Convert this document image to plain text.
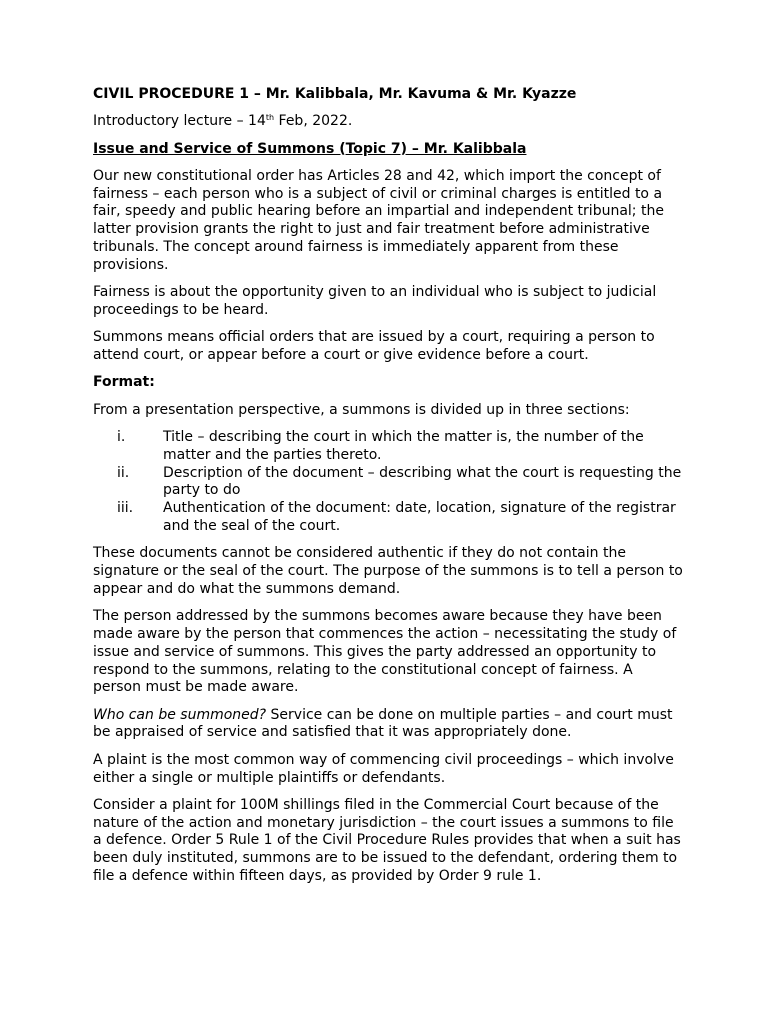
CIVIL PROCEDURE 1 – Mr. Kalibbala, Mr. Kavuma & Mr. Kyazze

Introductory lecture – 14th Feb, 2022.

Issue and Service of Summons (Topic 7) – Mr. Kalibbala

Our new constitutional order has Articles 28 and 42, which import the concept of fairness – each person who is a subject of civil or criminal charges is entitled to a fair, speedy and public hearing before an impartial and independent tribunal; the latter provision grants the right to just and fair treatment before administrative tribunals. The concept around fairness is immediately apparent from these provisions.

Fairness is about the opportunity given to an individual who is subject to judicial proceedings to be heard.

Summons means official orders that are issued by a court, requiring a person to attend court, or appear before a court or give evidence before a court.

Format:

From a presentation perspective, a summons is divided up in three sections:

i.	Title – describing the court in which the matter is, the number of the matter and the parties thereto.
ii.	Description of the document – describing what the court is requesting the party to do
iii.	Authentication of the document: date, location, signature of the registrar and the seal of the court.

These documents cannot be considered authentic if they do not contain the signature or the seal of the court. The purpose of the summons is to tell a person to appear and do what the summons demand.

The person addressed by the summons becomes aware because they have been made aware by the person that commences the action – necessitating the study of issue and service of summons. This gives the party addressed an opportunity to respond to the summons, relating to the constitutional concept of fairness. A person must be made aware.

Who can be summoned? Service can be done on multiple parties – and court must be appraised of service and satisfied that it was appropriately done.

A plaint is the most common way of commencing civil proceedings – which involve either a single or multiple plaintiffs or defendants.

Consider a plaint for 100M shillings filed in the Commercial Court because of the nature of the action and monetary jurisdiction – the court issues a summons to file a defence. Order 5 Rule 1 of the Civil Procedure Rules provides that when a suit has been duly instituted, summons are to be issued to the defendant, ordering them to file a defence within fifteen days, as provided by Order 9 rule 1.
